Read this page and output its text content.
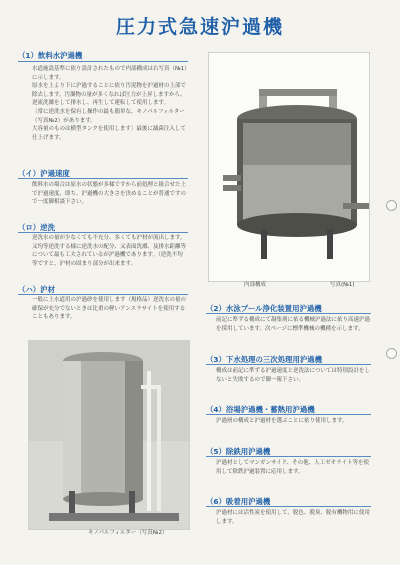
圧力式急速沪過機
（1）飲料水沪過機

水道施設基準に依り設計されたもので内部構成は右写真（№1）に示します。

原水を上より下に沪過することに依り汚泥物を沪過材の上部で除去します。汚濁物の量が多くなれば圧力が上昇しますから、逆流洗滌をして排水し、再生して運転して使用します。

〔常に逆洗水を保有し操作の最も簡単な、キノパルフィルター（写真№2）があります。

大容量のものは横型タンクを使用します〕最後に滅菌注入して仕上げます。

（イ）沪過速度

飲料水の場合は原水の状態が多様ですから前処理と組合せた上で沪過速度、即ち、沪過機の大きさを決めることが普通ですので一度御相談下さい。

（ロ）逆洗

逆洗水の量が少なくても不充分、多くても沪材が流出します。又均等逆洗する様に逆洗水の配分、又表面洗滌、及排水距離等について最も工夫されているが沪過機であります。（逆洗不均等ですと、沪材の固まり部分が出来ます。

（ハ）沪材

一般に上水道用の沪過砂を使用します（規格品）逆洗水の量の確保が充分でないときは比重の軽いアンスラサイトを使用することもあります。

キノパルフィルター（写真№2）
内部構成	写真(№1)
（2）水泳プール浄化装置用沪過機

前記に準ずる構成にて凝集剤に依る機械沪過法に依り高速沪過を採用しています。次ページに標準機械の機種を示します。

（3）下水処理の三次処理用沪過機

構成は前記に準ずる沪過速度と逆洗法については特別設計をしないと失敗するので御一報下さい。

（4）浴場沪過機・蓄熱用沪過機

沪過層の構成と沪過材を選ぶことに依り使用します。

（5）除鉄用沪過機

沪過材としてマンガンサイド、その他、人工ゼオライト等を使用して除鉄沪過装置に応用します。

（6）吸着用沪過機

沪過材には活性炭を使用して、脱色、脱臭、脱有機物用に使用します。
